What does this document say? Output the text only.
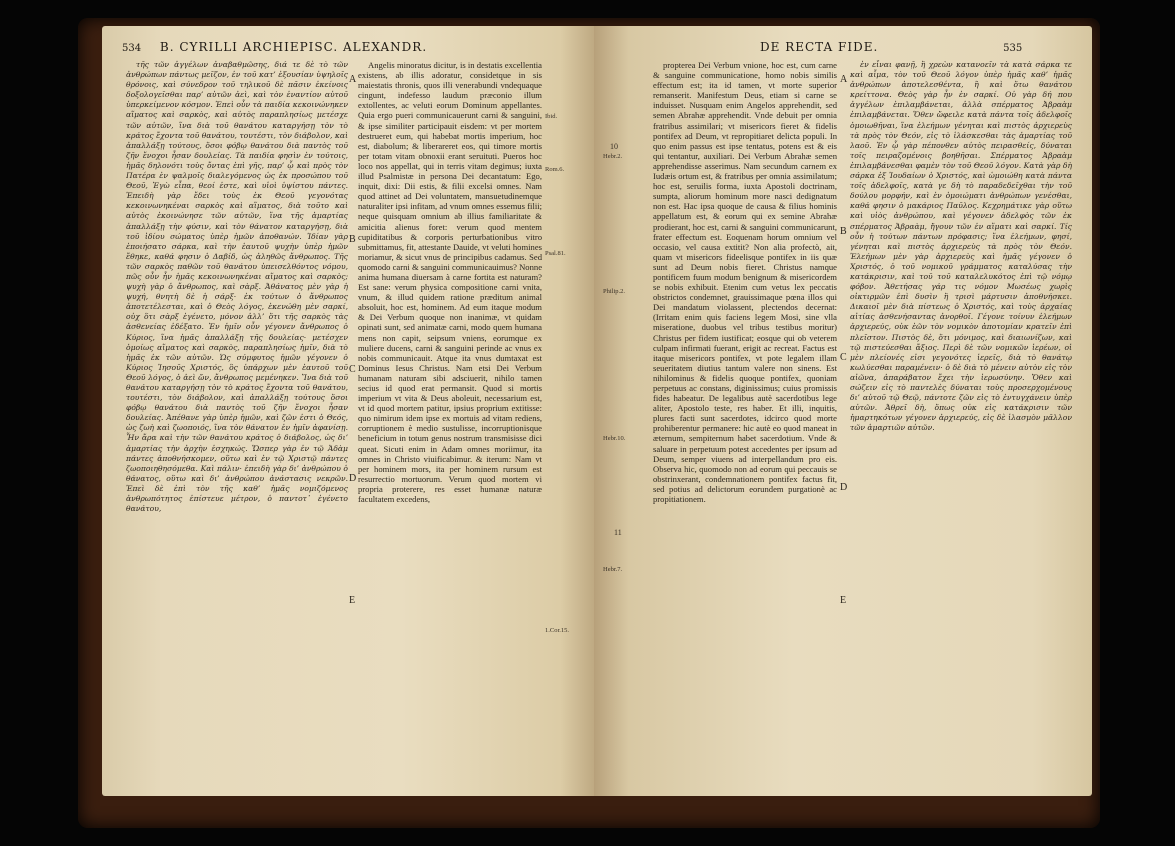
534 B. CYRILLI ARCHIEPISC. ALEXANDR.

τῆς τῶν ἀγγέλων ἀναβαθμῶσης, διά τε δὲ τὸ τῶν ἀνθρώπων πάντως μεῖζον, ἐν τοῦ κατ’ ἐξουσίαν ὑψηλοῖς θρόνοις, καὶ σύνεδρον τοῦ τηλικοῦ δὲ πᾶσιν ἐκείνοις δοξολογεῖσθαι παρ’ αὐτῶν ἀεὶ, καὶ τὸν ἐναντίον αὐτοῦ ὑπερκείμενον κόσμον. Ἐπεὶ οὖν τὰ παιδία κεκοινώνηκεν αἵματος καὶ σαρκὸς, καὶ αὐτὸς παραπλησίως μετέσχε τῶν αὐτῶν, ἵνα διὰ τοῦ θανάτου καταργήσῃ τὸν τὸ κράτος ἔχοντα τοῦ θανάτου, τουτέστι, τὸν διάβολον, καὶ ἀπαλλάξῃ τούτους, ὅσοι φόβῳ θανάτου διὰ παντὸς τοῦ ζῆν ἔνοχοι ἦσαν δουλείας. Τὰ παιδία φησὶν ἐν τούτοις, ἡμᾶς δηλονότι τοὺς ὄντας ἐπὶ γῆς, παρ’ ᾧ καὶ πρὸς τὸν Πατέρα ἐν ψαλμοῖς διαλεγόμενος ὡς ἐκ προσώπου τοῦ Θεοῦ, Ἐγὼ εἶπα, θεοί ἐστε, καὶ υἱοὶ ὑψίστου πάντες. Ἐπειδὴ γὰρ ἔδει τοὺς ἐκ Θεοῦ γεγονότας κεκοινωνηκέναι σαρκὸς καὶ αἵματος, διὰ τοῦτο καὶ αὐτὸς ἐκοινώνησε τῶν αὐτῶν, ἵνα τῆς ἁμαρτίας ἀπαλλάξῃ τὴν φύσιν, καὶ τὸν θάνατον καταργήσῃ, διὰ τοῦ ἰδίου σώματος ὑπὲρ ἡμῶν ἀποθανών. Ἰδίαν γὰρ ἐποιήσατο σάρκα, καὶ τὴν ἑαυτοῦ ψυχὴν ὑπὲρ ἡμῶν ἔθηκε, καθά φησιν ὁ Δαβίδ, ὡς ἀληθῶς ἄνθρωπος. Τῆς τῶν σαρκὸς παθῶν τοῦ θανάτου ὑπεισελθόντος νόμου, πῶς οὖν ἦν ἡμᾶς κεκοινωνηκέναι αἵματος καὶ σαρκὸς; ψυχὴ γὰρ ὁ ἄνθρωπος, καὶ σὰρξ. Ἀθάνατος μὲν γὰρ ἡ ψυχή, θνητὴ δὲ ἡ σάρξ· ἐκ τούτων ὁ ἄνθρωπος ἀποτετέλεσται, καὶ ὁ Θεὸς λόγος, ἐκενώθη μὲν σαρκί, οὐχ ὅτι σὰρξ ἐγένετο, μόνον ἀλλ’ ὅτι τῆς σαρκὸς τὰς ἀσθενείας ἐδέξατο. Ἐν ἡμῖν οὖν γέγονεν ἄνθρωπος ὁ Κύριος, ἵνα ἡμᾶς ἀπαλλάξῃ τῆς δουλείας· μετέσχεν ὁμοίως αἵματος καὶ σαρκὸς, παραπλησίως ἡμῖν, διὰ τὸ ἡμᾶς ἐκ τῶν αὐτῶν. Ὡς σύμφυτος ἡμῶν γέγονεν ὁ Κύριος Ἰησοῦς Χριστός, ὃς ὑπάρχων μὲν ἑαυτοῦ τοῦ Θεοῦ λόγος, ὁ ἀεὶ ὤν, ἄνθρωπος μεμένηκεν. Ἵνα διὰ τοῦ θανάτου καταργήσῃ τὸν τὸ κράτος ἔχοντα τοῦ θανάτου, τουτέστι, τὸν διάβολον, καὶ ἀπαλλάξῃ τούτους ὅσοι φόβῳ θανάτου διὰ παντὸς τοῦ ζῆν ἔνοχοι ἦσαν δουλείας. Ἀπέθανε γὰρ ὑπὲρ ἡμῶν, καὶ ζῶν ἐστι ὁ Θεός, ὡς ζωὴ καὶ ζωοποιός, ἵνα τὸν θάνατον ἐν ἡμῖν ἀφανίσῃ. Ἦν ἄρα καὶ τὴν τῶν θανάτου κράτος ὁ διάβολος, ὡς δι’ ἁμαρτίας τὴν ἀρχὴν ἐσχηκώς. Ὥσπερ γὰρ ἐν τῷ Ἀδὰμ πάντες ἀποθνήσκομεν, οὕτω καὶ ἐν τῷ Χριστῷ πάντες ζωοποιηθησόμεθα. Καὶ πάλιν· ἐπειδὴ γὰρ δι’ ἀνθρώπου ὁ θάνατος, οὕτω καὶ δι’ ἀνθρώπου ἀνάστασις νεκρῶν. Ἐπεὶ δὲ ἐπὶ τὸν τῆς καθ’ ἡμᾶς νομιζόμενος ἀνθρωπότητος ἐπίστευε μέτρον, ὁ παντοτ᾽ ἐγένετο θανάτου,

Angelis minoratus dicitur, is in destatis excellentia existens, ab illis adoratur, considetque in sis maiestatis thronis, quos illi venerabundi vndequaque cingunt, indefesso laudum præconio illum extollentes, ac veluti eorum Dominum appellantes. Quia ergo pueri communicauerunt carni & sanguini, & ipse similiter participauit eisdem: vt per mortem destrueret eum, qui habebat mortis imperium, hoc est, diabolum; & liberareret eos, qui timore mortis per totam vitam obnoxii erant seruituti. Pueros hoc loco nos appellat, qui in terris vitam degimus; iuxta illud Psalmistæ in persona Dei decantatum: Ego, inquit, dixi: Dii estis, & filii excelsi omnes. Nam quod attinet ad Dei voluntatem, mansuetudinemque naturaliter ipsi infitam, ad vnum omnes essemus filii; neque quisquam omnium ab illius familiaritate & amicitia alienus foret: verum quod mentem cupiditatibus & corporis perturbationibus vitro submittamus, fit, attestante Dauide, vt veluti homines moriamur, & sicut vnus de principibus cadamus. Sed quomodo carni & sanguini communicauimus? Nonne anima humana diuersam à carne fortita est naturam? Est sane: verum physica compositione carni vnita, vnum, & illud quidem ratione præditum animal absoluit, hoc est, hominem. Ad eum itaque modum & Dei Verbum quoque non inanimæ, vt quidam opinati sunt, sed animatæ carni, modo quem humana mens non capit, seipsum vniens, eorumque ex muliere ducens, carni & sanguini perinde ac vnus ex nobis communicauit. Atque ita vnus dumtaxat est Dominus Iesus Christus. Nam etsi Dei Verbum humanam naturam sibi adsciuerit, nihilo tamen secius id quod erat permansit. Quod si mortis imperium vt vita & Deus aboleuit, necessarium est, vt id quod mortem patitur, ipsius proprium extitisse: quo nimirum idem ipse ex mortuis ad vitam rediens, corruptionem è medio sustulisse, incorruptionisque beneficium in totum genus nostrum transmisisse dici queat. Sicuti enim in Adam omnes moriimur, ita omnes in Christo viuificabimur. & iterum: Nam vt per hominem mors, ita per hominem rursum est resurrectio mortuorum. Verum quod mortem vi propria proterere, res esset humanæ naturæ facultatem excedens,

A
B
C
D
E
Ibid.
Rom.6.
Psal.81.
1.Cor.15.
DE RECTA FIDE.	535

propterea Dei Verbum vnione, hoc est, cum carne & sanguine communicatione, homo nobis similis effectum est; ita id tamen, vt morte superior remanserit. Manifestum Deus, etiam si carne se induisset. Nusquam enim Angelos apprehendit, sed semen Abrahæ apprehendit. Vnde debuit per omnia fratribus assimilari; vt misericors fieret & fidelis pontifex ad Deum, vt repropitiaret delicta populi. In quo enim passus est ipse tentatus, potens est & eis qui tentantur, auxiliari. Dei Verbum Abrahæ semen apprehendisse asserimus. Nam secundum carnem ex Iudæis ortum est, & fratribus per omnia assimilatum; hoc est, seruilis forma, iuxta Apostoli doctrinam, sumpta, aliorum hominum more nasci dedignatum non est. Hac ipsa quoque de causa & filius hominis appellatum est, & eorum qui ex semine Abrahæ prodierant, hoc est, carni & sanguini communicarunt, frater effectum est. Eoquenam horum omnium vel occasio, vel causa extitit? Non alia profectò, ait, quam vt misericors fideelisque pontifex in iis quæ sunt ad Deum nobis fieret. Christus namque pontificem fuum modum benignum & misericordem se nobis exhibuit. Etenim cum vetus lex peccatis obstrictos condemnet, grauissimaque pœna illos qui Dei mandatum violassent, plectendos decernat: (Irritam enim quis faciens legem Mosi, sine vlla miseratione, duobus vel tribus testibus moritur) Christus per fidem iustificat; eosque qui ob veterem culpam infirmati fuerant, erigit ac recreat. Factus est itaque misericors pontifex, vt pote legalem illam seueritatem diutius tantum valere non sinens. Est nihilominus & fidelis quoque pontifex, quoniam perpetuus ac constans, diginissimus; cuius promissis fides habeatur. De legalibus autè sacerdotibus lege aliter, Apostolo teste, res haber. Et illi, inquitis, plures facti sunt sacerdotes, idcirco quod morte prohiberentur permanere: hic autè eo quod maneat in æternum, sempiternum habet sacerdotium. Vnde & saluare in perpetuum potest accedentes per ipsum ad Deum, semper viuens ad interpellandum pro eis. Observa hic, quomodo non ad eorum qui peccauis se obstrinxerant, condemnationem pontifex factus fit, sed potius ad delictorum eorundem purgationè ac propitiationem.

ἐν εἶναι φανῇ, ἢ χρεὼν κατανοεῖν τὰ κατὰ σάρκα τε καὶ αἷμα, τὸν τοῦ Θεοῦ λόγον ὑπὲρ ἡμᾶς καθ’ ἡμᾶς ἀνθρώπων ἀποτελεσθέντα, ἢ καὶ ὅτω θανάτου κρείττονα. Θεὸς γὰρ ἦν ἐν σαρκί. Οὐ γὰρ δή που ἀγγέλων ἐπιλαμβάνεται, ἀλλὰ σπέρματος Ἀβραὰμ ἐπιλαμβάνεται. Ὅθεν ὤφειλε κατὰ πάντα τοῖς ἀδελφοῖς ὁμοιωθῆναι, ἵνα ἐλεήμων γένηται καὶ πιστὸς ἀρχιερεὺς τὰ πρὸς τὸν Θεόν, εἰς τὸ ἱλάσκεσθαι τὰς ἁμαρτίας τοῦ λαοῦ. Ἐν ᾧ γὰρ πέπονθεν αὐτὸς πειρασθείς, δύναται τοῖς πειραζομένοις βοηθῆσαι. Σπέρματος Ἀβραὰμ ἐπιλαμβάνεσθαι φαμὲν τὸν τοῦ Θεοῦ λόγον. Κατὰ γὰρ δὴ σάρκα ἐξ Ἰουδαίων ὁ Χριστός, καὶ ὡμοιώθη κατὰ πάντα τοῖς ἀδελφοῖς, κατὰ γε δὴ τὸ παραδεδεῖχθαι τὴν τοῦ δούλου μορφήν, καὶ ἐν ὁμοιώματι ἀνθρώπων γενέσθαι, καθά φησιν ὁ μακάριος Παῦλος. Κεχρημάτικε γὰρ οὕτω καὶ υἱὸς ἀνθρώπου, καὶ γέγονεν ἀδελφὸς τῶν ἐκ σπέρματος Ἀβραὰμ, ἤγουν τῶν ἐν αἵματι καὶ σαρκί. Τίς οὖν ἡ τούτων πάντων πρόφασις; ἵνα ἐλεήμων, φησί, γένηται καὶ πιστὸς ἀρχιερεὺς τὰ πρὸς τὸν Θεόν. Ἐλεήμων μὲν γὰρ ἀρχιερεὺς καὶ ἡμᾶς γέγονεν ὁ Χριστός, ὁ τοῦ νομικοῦ γράμματος καταλύσας τὴν κατάκρισιν, καὶ τοῦ τοῦ καταλελυκότος ἐπὶ τῷ νόμῳ φόβον. Ἀθετήσας γάρ τις νόμον Μωσέως χωρὶς οἰκτιρμῶν ἐπὶ δυσὶν ἢ τρισὶ μάρτυσιν ἀποθνήσκει. Δικαιοῖ μὲν διὰ πίστεως ὁ Χριστός, καὶ τοὺς ἀρχαίας αἰτίας ἀσθενήσαντας ἀνορθοῖ. Γέγονε τοίνυν ἐλεήμων ἀρχιερεύς, οὐκ ἐῶν τὸν νομικὸν ἀποτομίαν κρατεῖν ἐπὶ πλεῖστον. Πιστὸς δὲ, ὅτι μόνιμος, καὶ διαιωνίζων, καὶ τῷ πιστεύεσθαι ἄξιος. Περὶ δὲ τῶν νομικῶν ἱερέων, οἱ μὲν πλείονές εἰσι γεγονότες ἱερεῖς, διὰ τὸ θανάτῳ κωλύεσθαι παραμένειν· ὁ δὲ διὰ τὸ μένειν αὐτὸν εἰς τὸν αἰῶνα, ἀπαράβατον ἔχει τὴν ἱερωσύνην. Ὅθεν καὶ σώζειν εἰς τὸ παντελὲς δύναται τοὺς προσερχομένους δι’ αὐτοῦ τῷ Θεῷ, πάντοτε ζῶν εἰς τὸ ἐντυγχάνειν ὑπὲρ αὐτῶν. Ἀθρεῖ δὴ, ὅπως οὐκ εἰς κατάκρισιν τῶν ἡμαρτηκότων γέγονεν ἀρχιερεύς, εἰς δὲ ἱλασμὸν μᾶλλον τῶν ἁμαρτιῶν αὐτῶν.

A
B
C
D
E
10
11
Hebr.2.
Philip.2.
Hebr.10.
Hebr.7.
